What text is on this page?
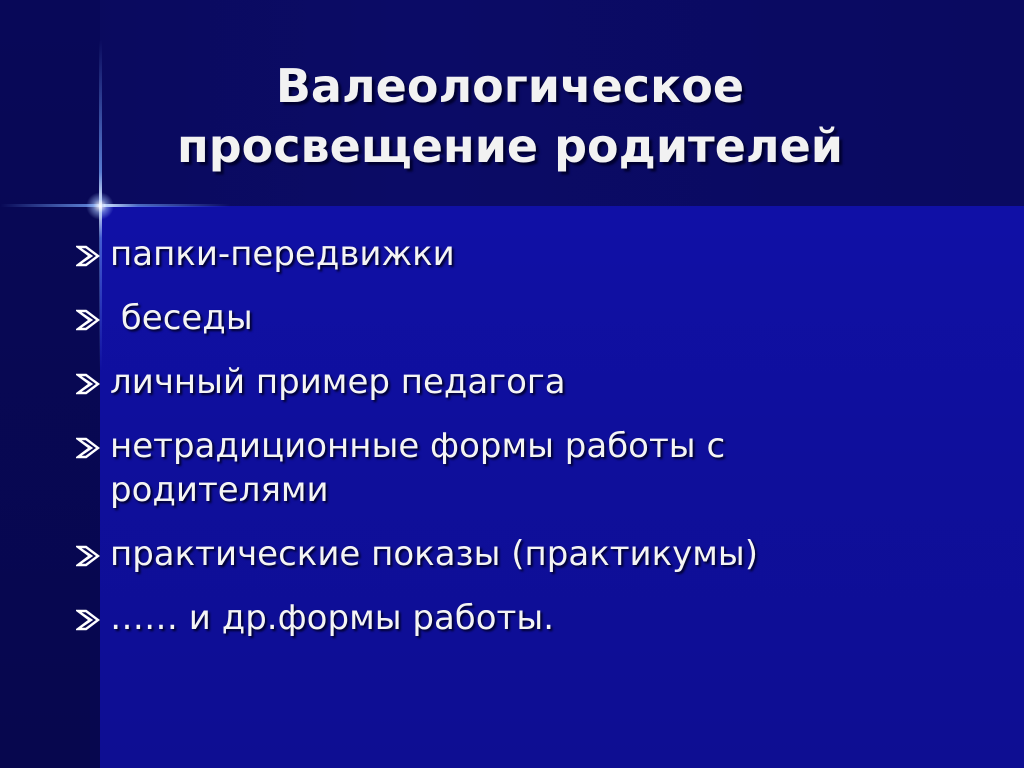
Валеологическое
просвещение родителей
папки-передвижки
беседы
личный пример педагога
нетрадиционные формы работы с родителями
практические показы (практикумы)
…… и др.формы работы.
